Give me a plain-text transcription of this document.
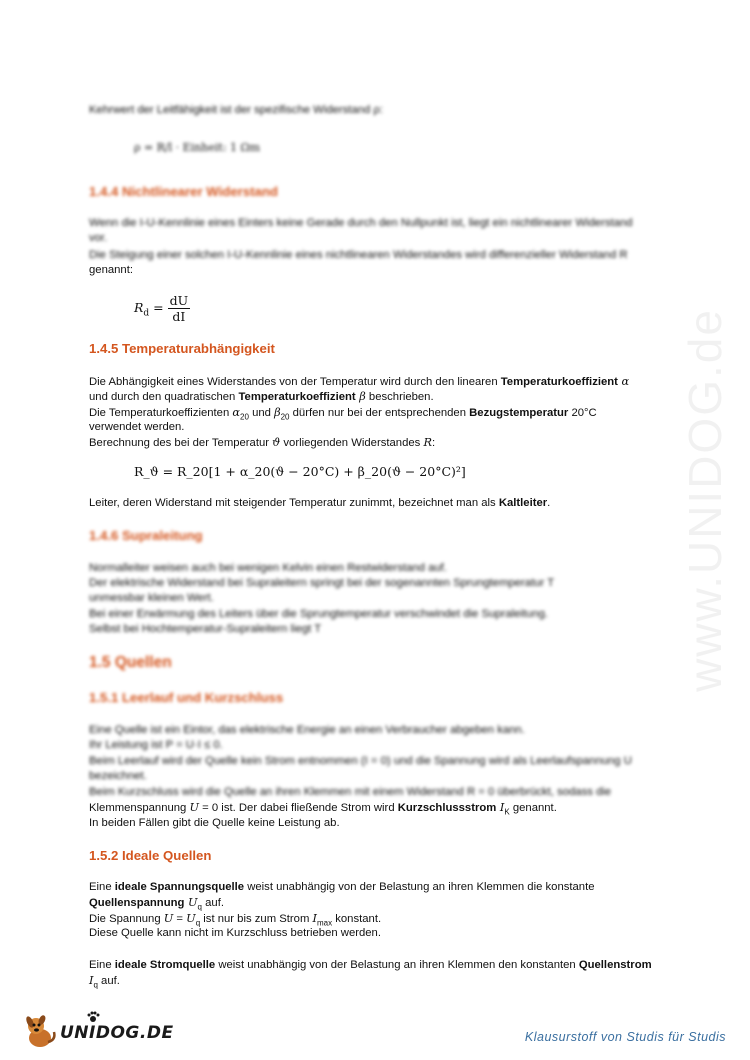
www.UNIDOG.de
Kehrwert der Leitfähigkeit ist der spezifische Widerstand ρ:
ρ = R/l · Einheit: 1 Ωm
1.4.4 Nichtlinearer Widerstand
Wenn die I-U-Kennlinie eines Einters keine Gerade durch den Nullpunkt ist, liegt ein nichtlinearer Widerstand
vor.
Die Steigung einer solchen I-U-Kennlinie eines nichtlinearen Widerstandes wird differenzieller Widerstand R
genannt:
$R_d = \frac{dU}{dI}$
1.4.5 Temperaturabhängigkeit
Die Abhängigkeit eines Widerstandes von der Temperatur wird durch den linearen Temperaturkoeffizient α
und durch den quadratischen Temperaturkoeffizient β beschrieben.
Die Temperaturkoeffizienten $\alpha_{20}$ und $\beta_{20}$ dürfen nur bei der entsprechenden Bezugstemperatur 20°C
verwendet werden.
Berechnung des bei der Temperatur ϑ vorliegenden Widerstandes R:
R_ϑ = R_20[1 + α_20(ϑ − 20°C) + β_20(ϑ − 20°C)²]
Leiter, deren Widerstand mit steigender Temperatur zunimmt, bezeichnet man als Kaltleiter.
1.4.6 Supraleitung
Normalleiter weisen auch bei wenigen Kelvin einen Restwiderstand auf.
Der elektrische Widerstand bei Supraleitern springt bei der sogenannten Sprungtemperatur T
unmessbar kleinen Wert.
Bei einer Erwärmung des Leiters über die Sprungtemperatur verschwindet die Supraleitung.
Selbst bei Hochtemperatur-Supraleitern liegt T
1.5 Quellen
1.5.1 Leerlauf und Kurzschluss
Eine Quelle ist ein Eintor, das elektrische Energie an einen Verbraucher abgeben kann.
Ihr Leistung ist P = U·I ≤ 0.
Beim Leerlauf wird der Quelle kein Strom entnommen (I = 0) und die Spannung wird als Leerlaufspannung U
bezeichnet.
Beim Kurzschluss wird die Quelle an ihren Klemmen mit einem Widerstand R = 0 überbrückt, sodass die
Klemmenspannung U = 0 ist. Der dabei fließende Strom wird Kurzschlussstrom $I_K$ genannt.
In beiden Fällen gibt die Quelle keine Leistung ab.
1.5.2 Ideale Quellen
Eine ideale Spannungsquelle weist unabhängig von der Belastung an ihren Klemmen die konstante
Quellenspannung $U_q$ auf.
Die Spannung $U = U_q$ ist nur bis zum Strom $I_{max}$ konstant.
Diese Quelle kann nicht im Kurzschluss betrieben werden.
Eine ideale Stromquelle weist unabhängig von der Belastung an ihren Klemmen den konstanten Quellenstrom
$I_q$ auf.
UNIDOG.DE	Klausurstoff von Studis für Studis
